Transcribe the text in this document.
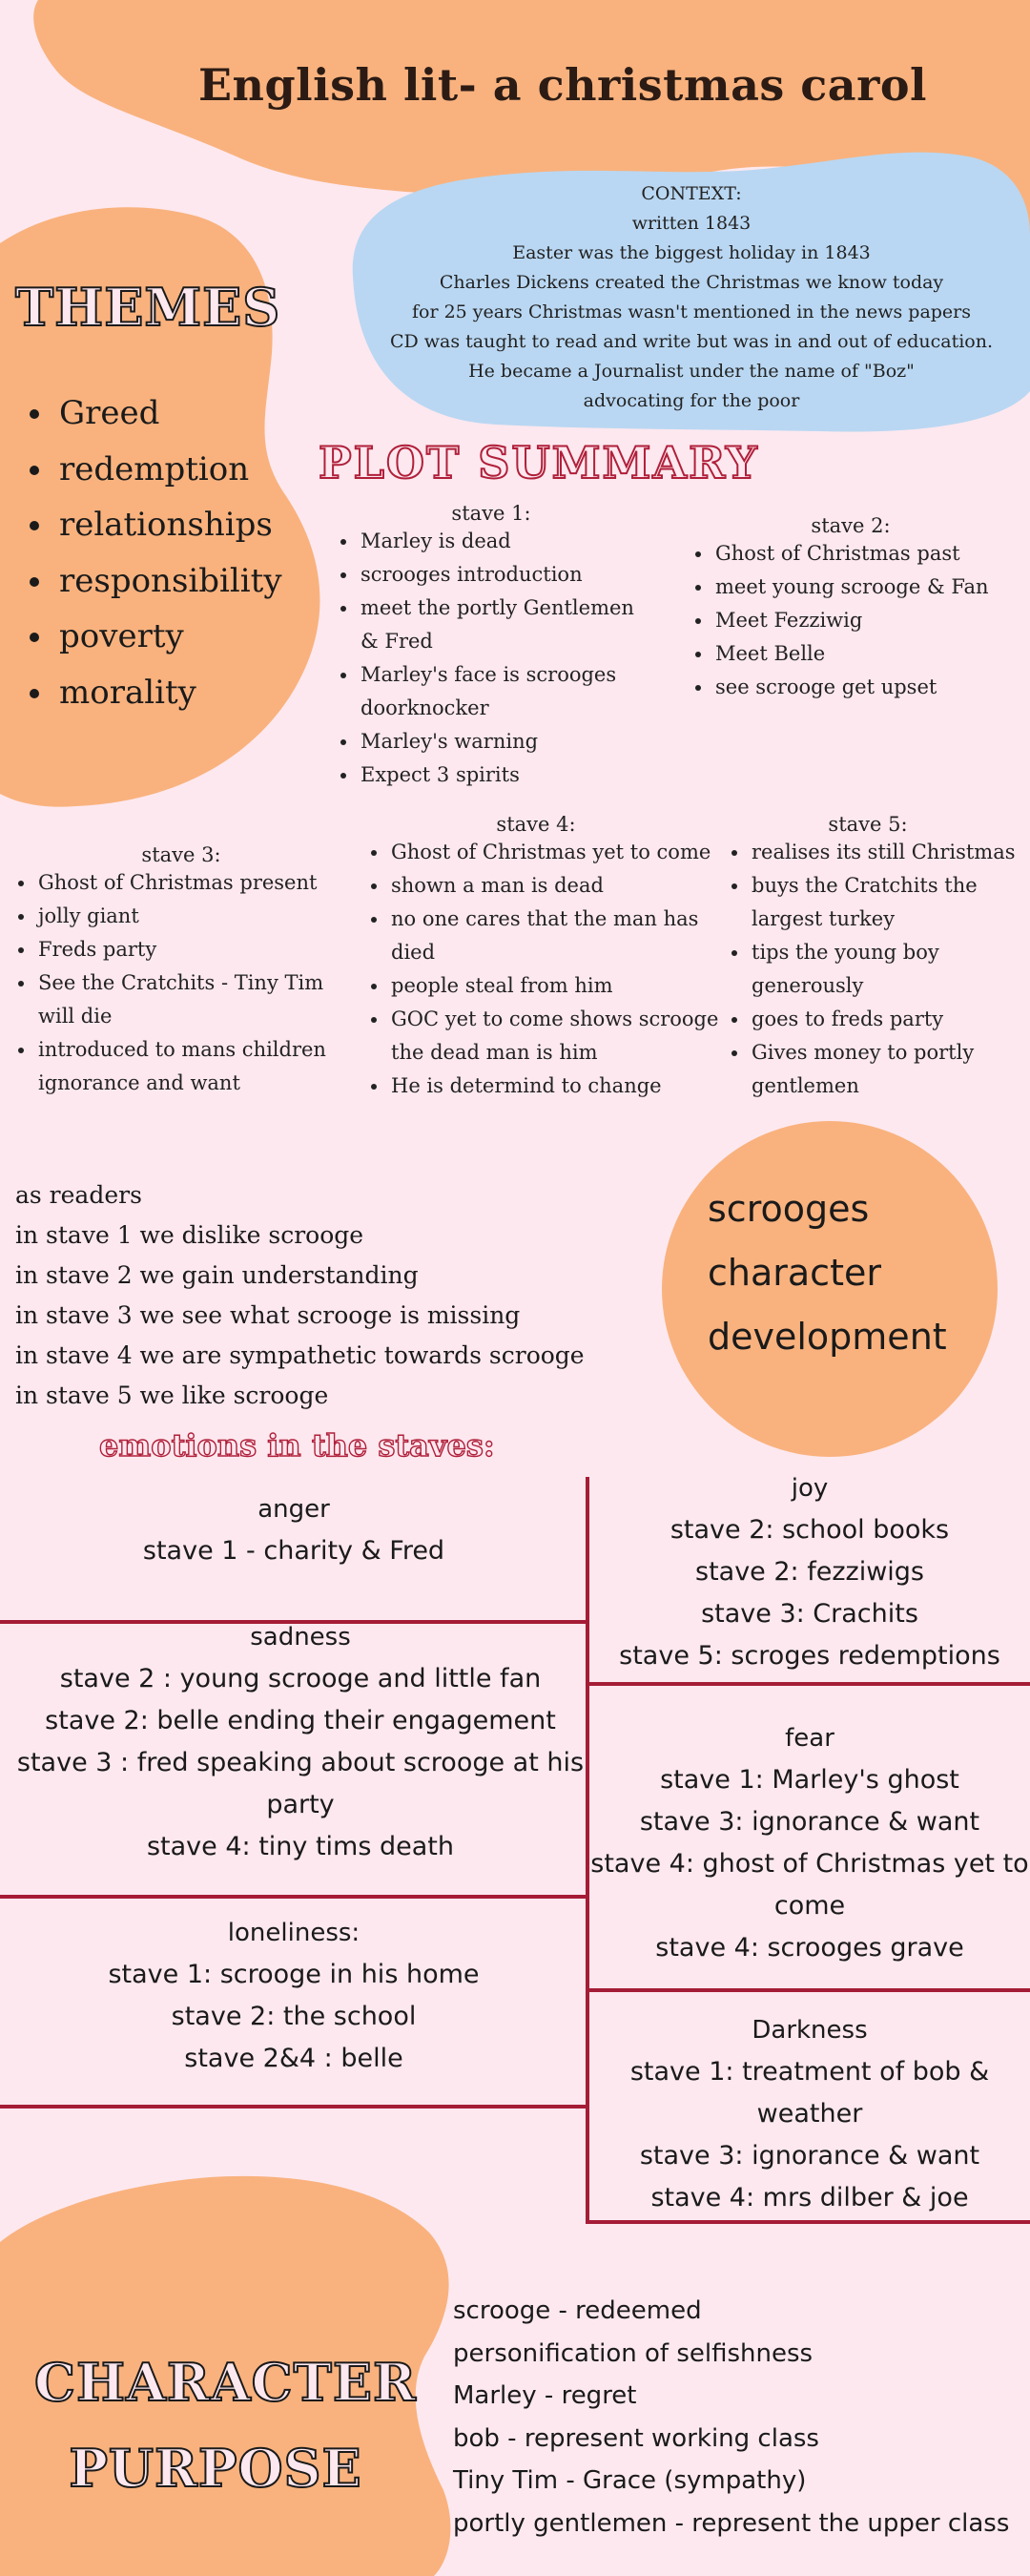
English lit- a christmas carol
CONTEXT:
written 1843
Easter was the biggest holiday in 1843
Charles Dickens created the Christmas we know today
for 25 years Christmas wasn't mentioned in the news papers
CD was taught to read and write but was in and out of education.
He became a Journalist under the name of "Boz"
advocating for the poor
THEMES
• Greed
• redemption
• relationships
• responsibility
• poverty
• morality
PLOT SUMMARY
stave 1:
• Marley is dead
• scrooges introduction
• meet the portly Gentlemen & Fred
• Marley's face is scrooges doorknocker
• Marley's warning
• Expect 3 spirits
stave 2:
• Ghost of Christmas past
• meet young scrooge & Fan
• Meet Fezziwig
• Meet Belle
• see scrooge get upset
stave 3:
• Ghost of Christmas present
• jolly giant
• Freds party
• See the Cratchits - Tiny Tim will die
• introduced to mans children ignorance and want
stave 4:
• Ghost of Christmas yet to come
• shown a man is dead
• no one cares that the man has died
• people steal from him
• GOC yet to come shows scroogе the dead man is him
• He is determind to change
stave 5:
• realises its still Christmas
• buys the Cratchits the largest turkey
• tips the young boy generously
• goes to freds party
• Gives money to portly gentlemen
as readers
in stave 1 we dislike scrooge
in stave 2 we gain understanding
in stave 3 we see what scrooge is missing
in stave 4 we are sympathetic towards scrooge
in stave 5 we like scrooge
scrooges
character
development
emotions in the staves:
anger
stave 1 - charity & Fred
sadness
stave 2 : young scrooge and little fan
stave 2: belle ending their engagement
stave 3 : fred speaking about scrooge at his
party
stave 4: tiny tims death
loneliness:
stave 1: scrooge in his home
stave 2: the school
stave 2&4 : belle
joy
stave 2: school books
stave 2: fezziwigs
stave 3: Crachits
stave 5: scroges redemptions
fear
stave 1: Marley's ghost
stave 3: ignorance & want
stave 4: ghost of Christmas yet to
come
stave 4: scrooges grave
Darkness
stave 1: treatment of bob & weather
stave 3: ignorance & want
stave 4: mrs dilber & joe
CHARACTER
PURPOSE
scrooge - redeemed
personification of selfishness
Marley - regret
bob - represent working class
Tiny Tim - Grace (sympathy)
portly gentlemen - represent the upper class
